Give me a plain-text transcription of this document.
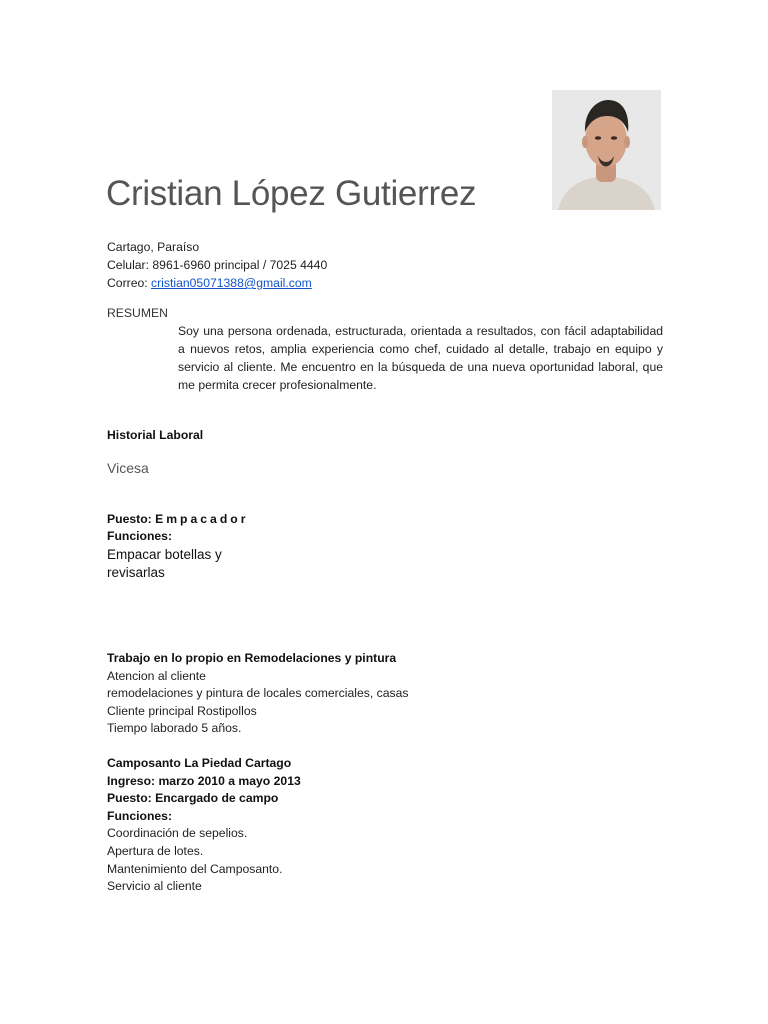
Cristian López Gutierrez
Cartago, Paraíso
Celular: 8961-6960 principal / 7025 4440
Correo: cristian05071388@gmail.com
RESUMEN
Soy una persona ordenada, estructurada, orientada a resultados, con fácil adaptabilidad a nuevos retos, amplia experiencia como chef, cuidado al detalle, trabajo en equipo y servicio al cliente. Me encuentro en la búsqueda de una nueva oportunidad laboral, que me permita crecer profesionalmente.
Historial Laboral
Vicesa
Puesto: Empacador
Funciones:
Empacar botellas y revisarlas
Trabajo en lo propio en Remodelaciones y pintura
Atencion al cliente
remodelaciones y pintura de locales comerciales, casas
Cliente principal Rostipollos
Tiempo laborado 5 años.
Camposanto La Piedad Cartago
Ingreso: marzo 2010 a mayo 2013
Puesto: Encargado de campo
Funciones:
Coordinación de sepelios.
Apertura de lotes.
Mantenimiento del Camposanto.
Servicio al cliente
